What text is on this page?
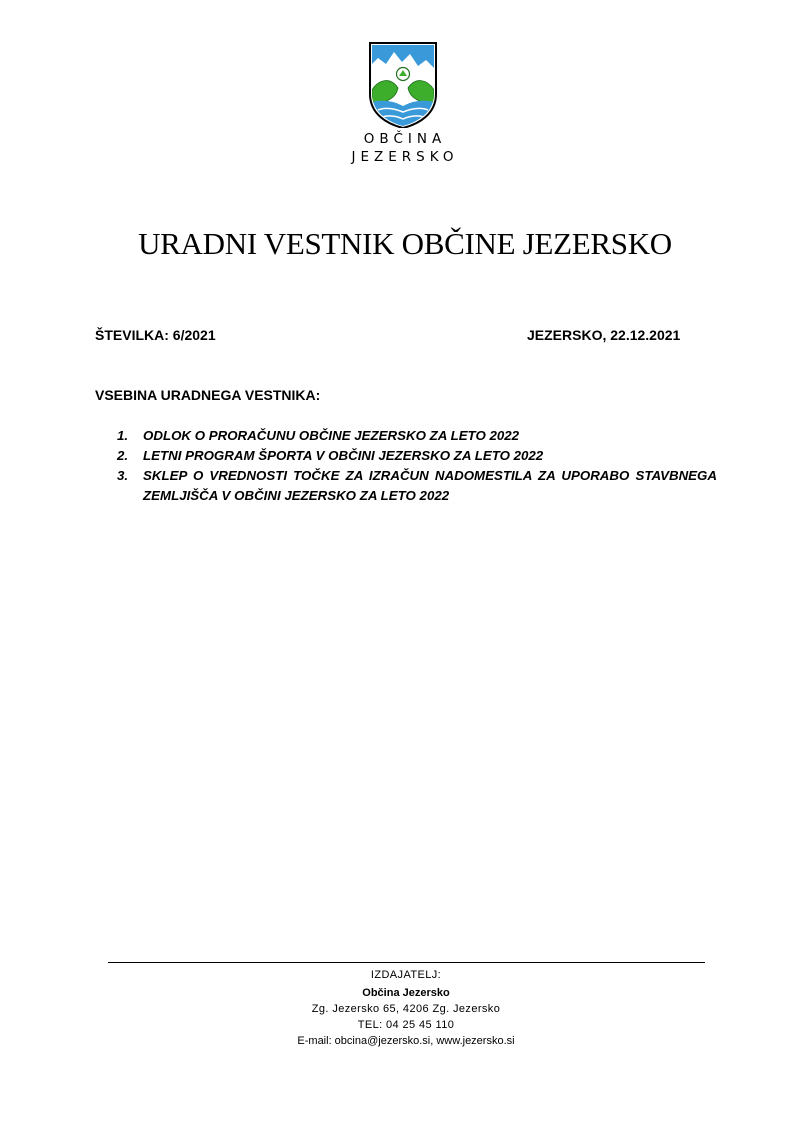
OBČINA
JEZERSKO
URADNI VESTNIK OBČINE JEZERSKO
ŠTEVILKA: 6/2021	JEZERSKO, 22.12.2021
VSEBINA URADNEGA VESTNIKA:
1. ODLOK O PRORAČUNU OBČINE JEZERSKO ZA LETO 2022
2. LETNI PROGRAM ŠPORTA V OBČINI JEZERSKO ZA LETO 2022
3. SKLEP O VREDNOSTI TOČKE ZA IZRAČUN NADOMESTILA ZA UPORABO STAVBNEGA ZEMLJIŠČA V OBČINI JEZERSKO ZA LETO 2022
IZDAJATELJ:
Občina Jezersko
Zg. Jezersko 65, 4206 Zg. Jezersko
TEL: 04 25 45 110
E-mail: obcina@jezersko.si, www.jezersko.si
